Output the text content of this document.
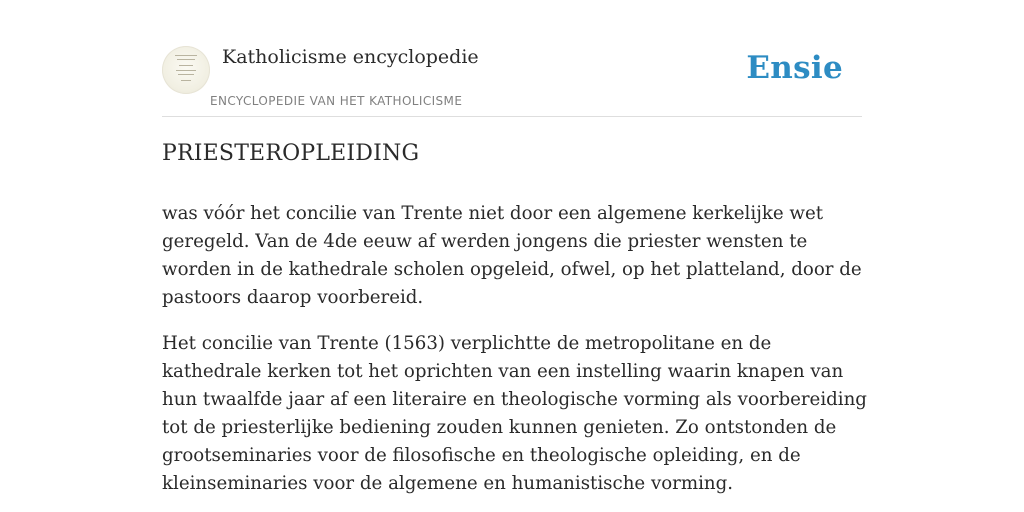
Katholicisme encyclopedie
ENCYCLOPEDIE VAN HET KATHOLICISME
Ensie
PRIESTEROPLEIDING

was vóór het concilie van Trente niet door een algemene kerkelijke wet geregeld. Van de 4de eeuw af werden jongens die priester wensten te worden in de kathedrale scholen opgeleid, ofwel, op het platteland, door de pastoors daarop voorbereid.

Het concilie van Trente (1563) verplichtte de metropolitane en de kathedrale kerken tot het oprichten van een instelling waarin knapen van hun twaalfde jaar af een literaire en theologische vorming als voorbereiding tot de priesterlijke bediening zouden kunnen genieten. Zo ontstonden de grootseminaries voor de filosofische en theologische opleiding, en de kleinseminaries voor de algemene en humanistische vorming.
